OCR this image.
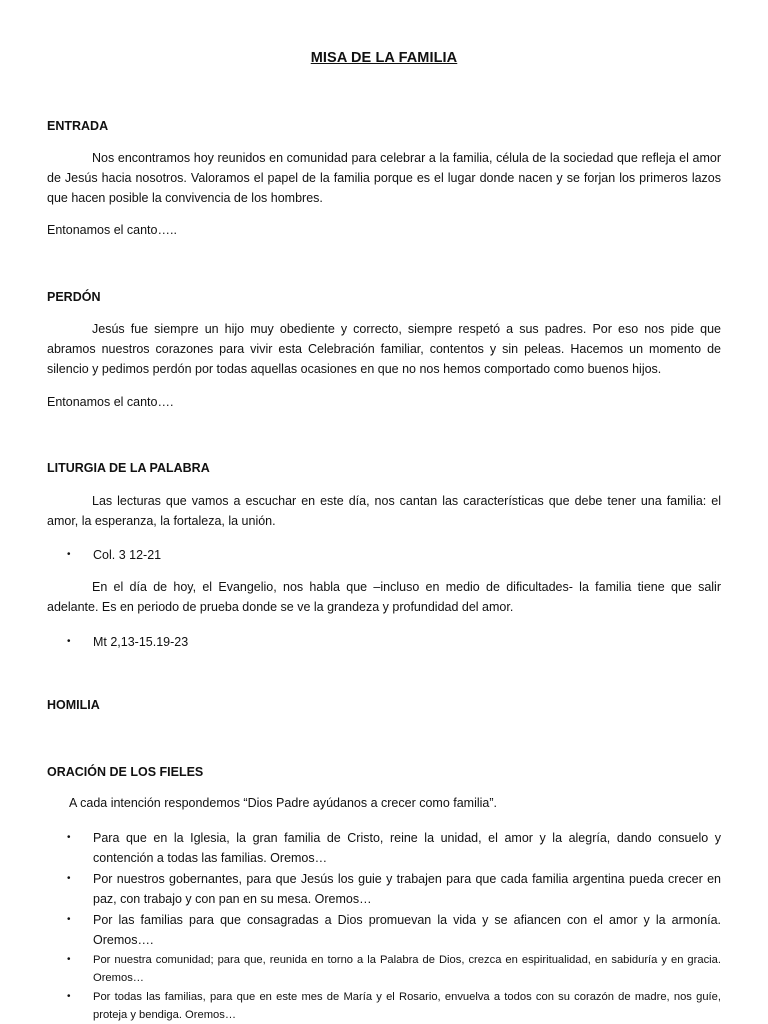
MISA DE LA FAMILIA
ENTRADA
Nos encontramos hoy reunidos en comunidad para celebrar a la familia, célula de la sociedad que refleja el amor de Jesús hacia nosotros. Valoramos el papel de la familia porque es el lugar donde nacen y se forjan los primeros lazos que hacen posible la convivencia de los hombres.
Entonamos el canto…..
PERDÓN
Jesús fue siempre un hijo muy obediente y correcto, siempre respetó a sus padres. Por eso nos pide que abramos nuestros corazones para vivir esta Celebración familiar, contentos y sin peleas. Hacemos un momento de silencio y pedimos perdón por todas aquellas ocasiones en que no nos hemos comportado como buenos hijos.
Entonamos el canto….
LITURGIA DE LA PALABRA
Las lecturas que vamos a escuchar en este día, nos cantan las características que debe tener una familia: el amor, la esperanza, la fortaleza, la unión.
•	Col. 3 12-21
En el día de hoy, el Evangelio, nos habla que –incluso en medio de dificultades- la familia tiene que salir adelante. Es en periodo de prueba donde se ve la grandeza y profundidad del amor.
•	Mt 2,13-15.19-23
HOMILIA
ORACIÓN DE LOS FIELES
A cada intención respondemos “Dios Padre ayúdanos a crecer como familia”.
•	Para que en la Iglesia, la gran familia de Cristo, reine la unidad, el amor y la alegría, dando consuelo y contención a todas las familias. Oremos…
•	Por nuestros gobernantes, para que Jesús los guie y trabajen para que cada familia argentina pueda crecer en paz, con trabajo y con pan en su mesa. Oremos…
•	Por las familias para que consagradas a Dios promuevan la vida y se afiancen con el amor y la armonía. Oremos….
•	Por nuestra comunidad; para que, reunida en torno a la Palabra de Dios, crezca en espiritualidad, en sabiduría y en gracia. Oremos…
•	Por todas las familias, para que en este mes de María y el Rosario, envuelva a todos con su corazón de madre, nos guíe, proteja y bendiga. Oremos…
